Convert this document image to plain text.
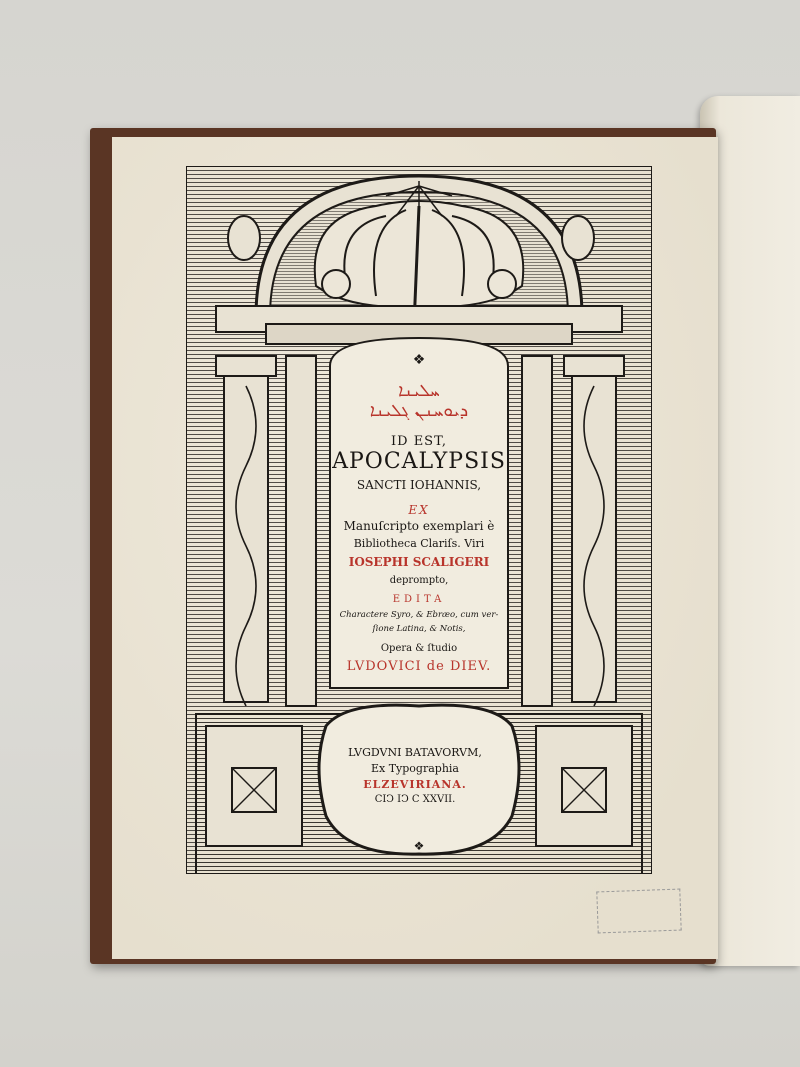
❖
❖
ܚܠܝܢܐ
ܕܝܘܚܢܢ ܓܠܝܢܐ
ID EST,
APOCALYPSIS
SANCTI IOHANNIS,
EX
Manuſcripto exemplari è
Bibliotheca Clariſs. Viri
IOSEPHI SCALIGERI
deprompto,
EDITA
Charactere Syro, & Ebræo, cum ver-
ſione Latina, & Notis,
Opera & ſtudio
LVDOVICI de DIEV.
LVGDVNI BATAVORVM,
Ex Typographia
ELZEVIRIANA.
CIϽ IϽ C XXVII.
